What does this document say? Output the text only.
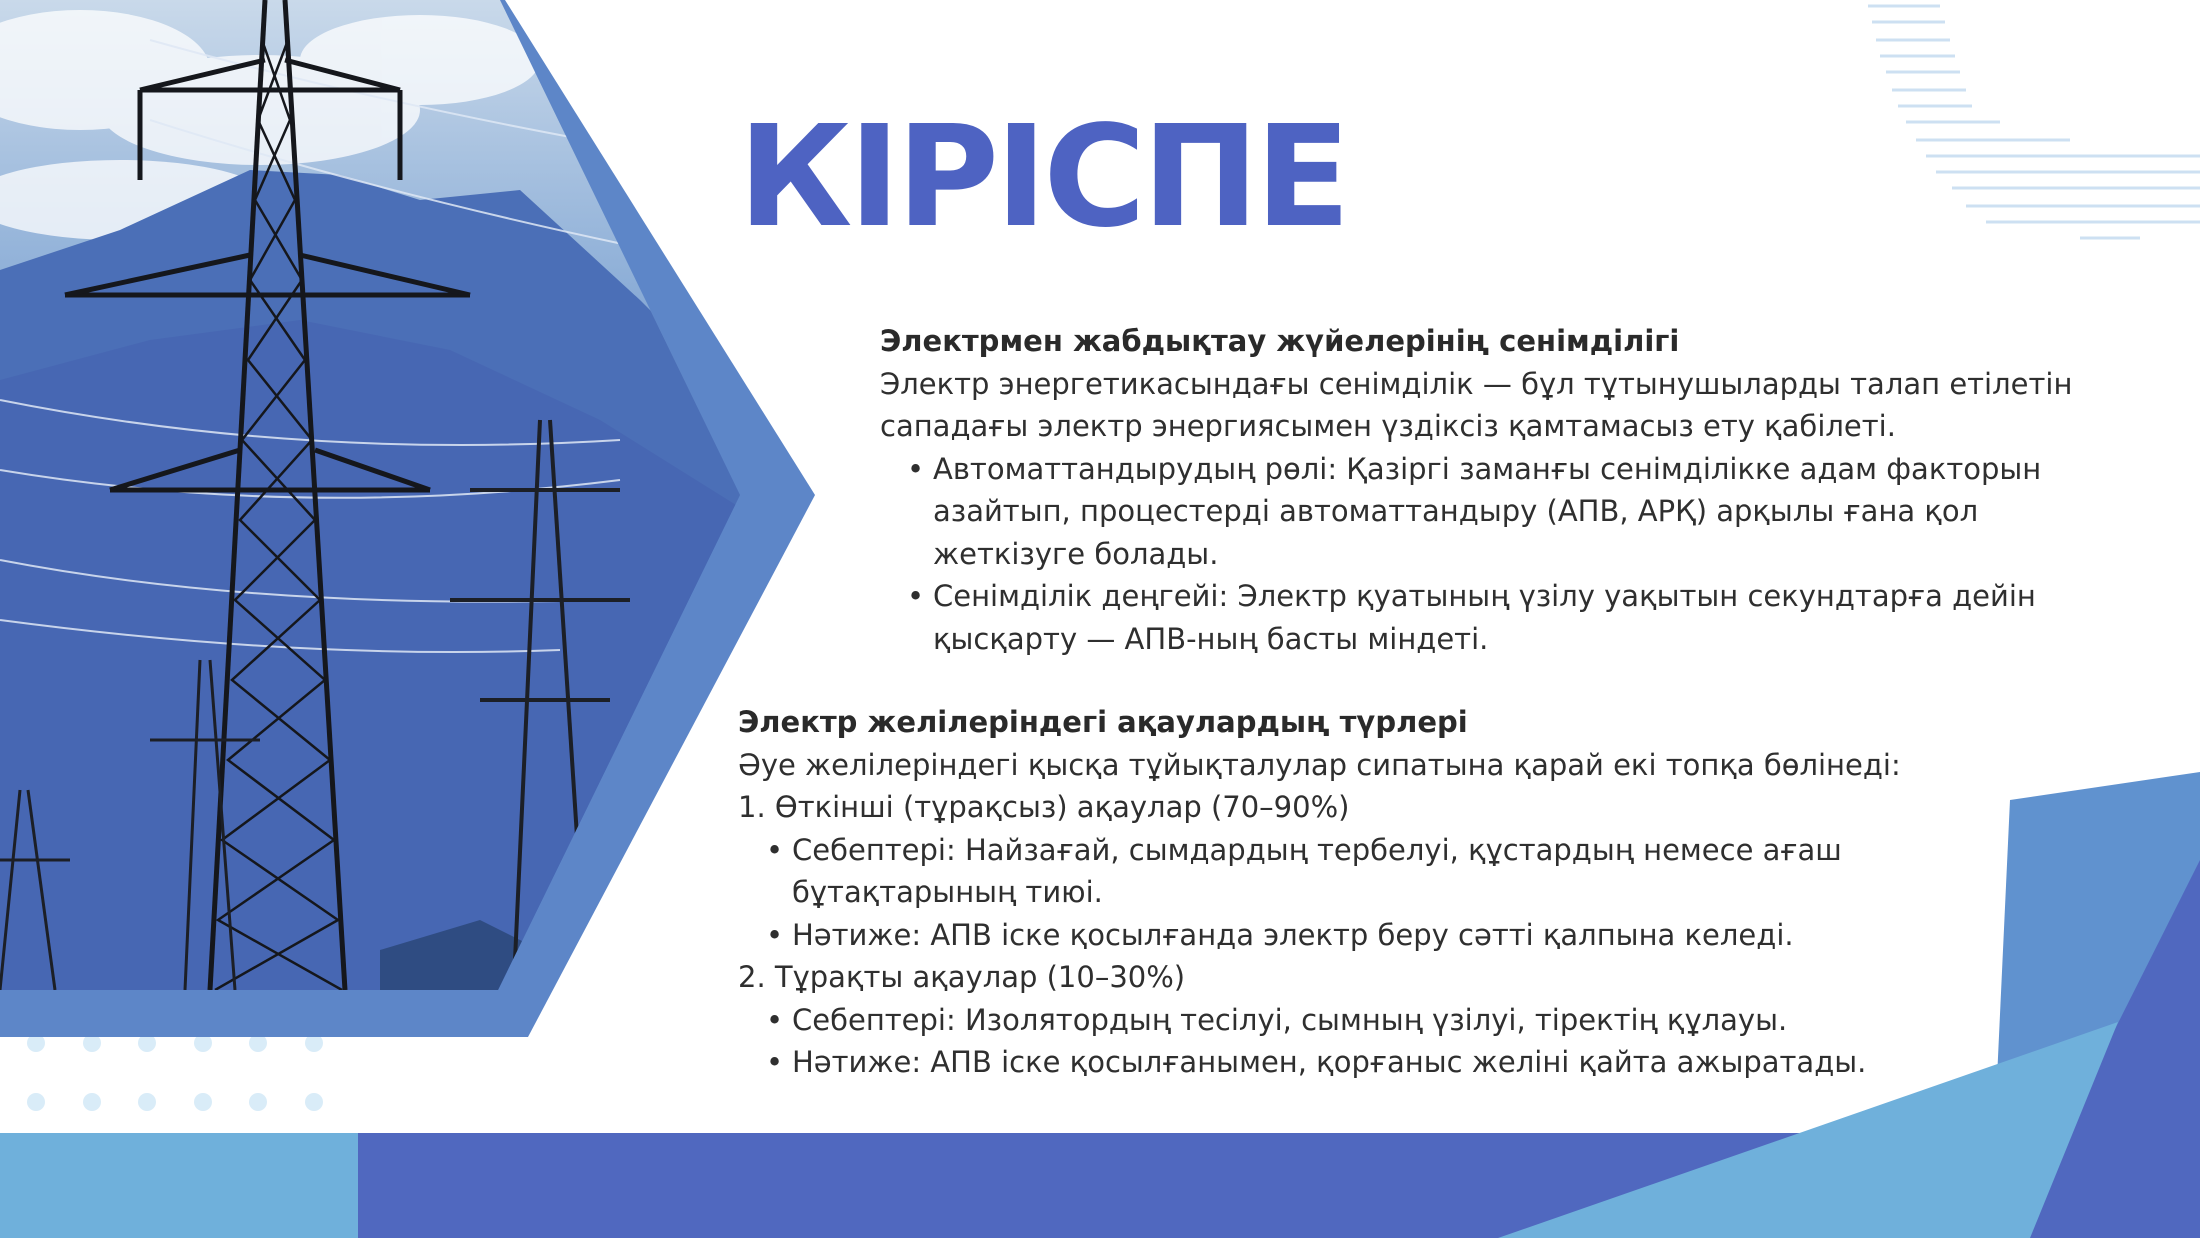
КІРІСПЕ

Электрмен жабдықтау жүйелерінің сенімділігі

Электр энергетикасындағы сенімділік — бұл тұтынушыларды талап етілетін сападағы электр энергиясымен үздіксіз қамтамасыз ету қабілеті.

• Автоматтандырудың рөлі: Қазіргі заманғы сенімділікке адам факторын азайтып, процестерді автоматтандыру (АПВ, АРҚ) арқылы ғана қол жеткізуге болады.
• Сенімділік деңгейі: Электр қуатының үзілу уақытын секундтарға дейін қысқарту — АПВ-ның басты міндеті.

Электр желілеріндегі ақаулардың түрлері

Әуе желілеріндегі қысқа тұйықталулар сипатына қарай екі топқа бөлінеді:

1. Өткінші (тұрақсыз) ақаулар (70–90%)

• Себептері: Найзағай, сымдардың тербелуі, құстардың немесе ағаш бұтақтарының тиюі.
• Нәтиже: АПВ іске қосылғанда электр беру сәтті қалпына келеді.

2. Тұрақты ақаулар (10–30%)

• Себептері: Изолятордың тесілуі, сымның үзілуі, тіректің құлауы.
• Нәтиже: АПВ іске қосылғанымен, қорғаныс желіні қайта ажыратады.
